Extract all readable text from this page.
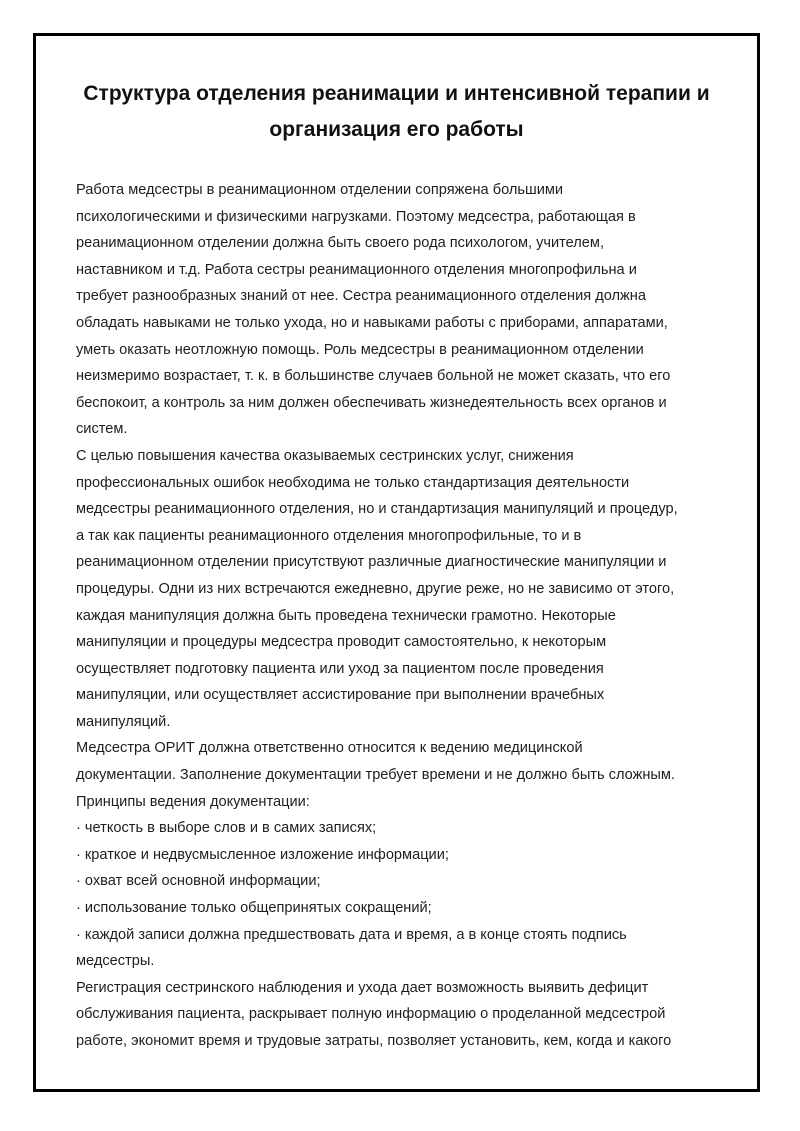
Структура отделения реанимации и интенсивной терапии и
организация его работы
Работа медсестры в реанимационном отделении сопряжена большими
психологическими и физическими нагрузками. Поэтому медсестра, работающая в
реанимационном отделении должна быть своего рода психологом, учителем,
наставником и т.д. Работа сестры реанимационного отделения многопрофильна и
требует разнообразных знаний от нее. Сестра реанимационного отделения должна
обладать навыками не только ухода, но и навыками работы с приборами, аппаратами,
уметь оказать неотложную помощь. Роль медсестры в реанимационном отделении
неизмеримо возрастает, т. к. в большинстве случаев больной не может сказать, что его
беспокоит, а контроль за ним должен обеспечивать жизнедеятельность всех органов и
систем.
С целью повышения качества оказываемых сестринских услуг, снижения
профессиональных ошибок необходима не только стандартизация деятельности
медсестры реанимационного отделения, но и стандартизация манипуляций и процедур,
а так как пациенты реанимационного отделения многопрофильные, то и в
реанимационном отделении присутствуют различные диагностические манипуляции и
процедуры. Одни из них встречаются ежедневно, другие реже, но не зависимо от этого,
каждая манипуляция должна быть проведена технически грамотно. Некоторые
манипуляции и процедуры медсестра проводит самостоятельно, к некоторым
осуществляет подготовку пациента или уход за пациентом после проведения
манипуляции, или осуществляет ассистирование при выполнении врачебных
манипуляций.
Медсестра ОРИТ должна ответственно относится к ведению медицинской
документации. Заполнение документации требует времени и не должно быть сложным.
Принципы ведения документации:
· четкость в выборе слов и в самих записях;
· краткое и недвусмысленное изложение информации;
· охват всей основной информации;
· использование только общепринятых сокращений;
· каждой записи должна предшествовать дата и время, а в конце стоять подпись
медсестры.
Регистрация сестринского наблюдения и ухода дает возможность выявить дефицит
обслуживания пациента, раскрывает полную информацию о проделанной медсестрой
работе, экономит время и трудовые затраты, позволяет установить, кем, когда и какого
